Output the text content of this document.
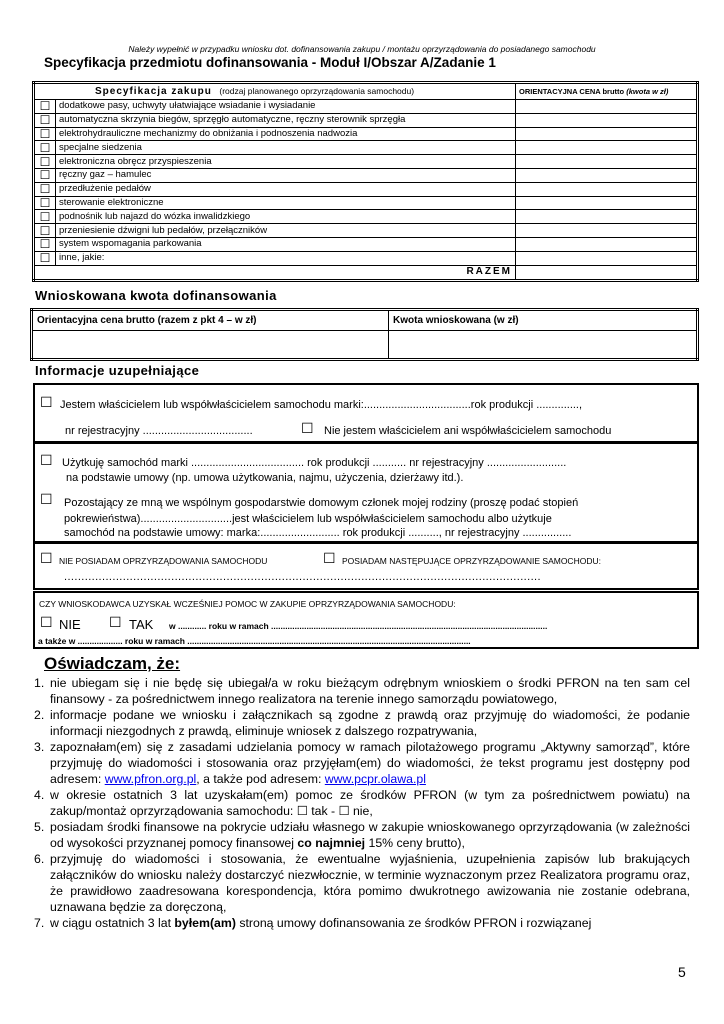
Należy wypełnić w przypadku wniosku dot. dofinansowania zakupu / montażu oprzyrządowania do posiadanego samochodu
Specyfikacja przedmiotu dofinansowania - Moduł I/Obszar A/Zadanie 1
Specyfikacja zakupu (rodzaj planowanego oprzyrządowania samochodu)		ORIENTACYJNA CENA brutto (kwota w zł)
☐	dodatkowe pasy, uchwyty ułatwiające wsiadanie i wysiadanie	
☐	automatyczna skrzynia biegów, sprzęgło automatyczne, ręczny sterownik sprzęgła	
☐	elektrohydrauliczne mechanizmy do obniżania i podnoszenia nadwozia	
☐	specjalne siedzenia	
☐	elektroniczna obręcz przyspieszenia	
☐	ręczny gaz – hamulec	
☐	przedłużenie pedałów	
☐	sterowanie elektroniczne	
☐	podnośnik lub najazd do wózka inwalidzkiego	
☐	przeniesienie dźwigni lub pedałów, przełączników	
☐	system wspomagania parkowania	
☐	inne, jakie:	
RAZEM		
Wnioskowana kwota dofinansowania
Orientacyjna cena brutto (razem z pkt 4 – w zł)	Kwota wnioskowana (w zł)

Informacje uzupełniające
☐ Jestem właścicielem lub współwłaścicielem samochodu marki:...................................rok produkcji ..............,
nr rejestracyjny ....................................	☐ Nie jestem właścicielem ani współwłaścicielem samochodu
☐ Użytkuję samochód marki ..................................... rok produkcji ........... nr rejestracyjny ..........................
na podstawie umowy (np. umowa użytkowania, najmu, użyczenia, dzierżawy itd.).
☐ Pozostający ze mną we wspólnym gospodarstwie domowym członek mojej rodziny (proszę podać stopień
pokrewieństwa)..............................jest właścicielem lub współwłaścicielem samochodu albo użytkuje
samochód na podstawie umowy: marka:.......................... rok produkcji .........., nr rejestracyjny ................
☐ NIE POSIADAM OPRZYRZĄDOWANIA SAMOCHODU	☐ POSIADAM NASTĘPUJĄCE OPRZYRZĄDOWANIE SAMOCHODU:
..........................................................................................................................................
CZY WNIOSKODAWCA UZYSKAŁ WCZEŚNIEJ POMOC W ZAKUPIE OPRZYRZĄDOWANIA SAMOCHODU:
☐ NIE ☐ TAK w ............ roku w ramach .....................................................................................................................
a także w ................... roku w ramach ........................................................................................................................
Oświadczam, że:
1. nie ubiegam się i nie będę się ubiegał/a w roku bieżącym odrębnym wnioskiem o środki PFRON na ten sam cel finansowy - za pośrednictwem innego realizatora na terenie innego samorządu powiatowego,
2. informacje podane we wniosku i załącznikach są zgodne z prawdą oraz przyjmuję do wiadomości, że podanie informacji niezgodnych z prawdą, eliminuje wniosek z dalszego rozpatrywania,
3. zapoznałam(em) się z zasadami udzielania pomocy w ramach pilotażowego programu „Aktywny samorząd”, które przyjmuję do wiadomości i stosowania oraz przyjęłam(em) do wiadomości, że tekst programu jest dostępny pod adresem: www.pfron.org.pl, a także pod adresem: www.pcpr.olawa.pl
4. w okresie ostatnich 3 lat uzyskałam(em) pomoc ze środków PFRON (w tym za pośrednictwem powiatu) na zakup/montaż oprzyrządowania samochodu: ☐ tak - ☐ nie,
5. posiadam środki finansowe na pokrycie udziału własnego w zakupie wnioskowanego oprzyrządowania (w zależności od wysokości przyznanej pomocy finansowej co najmniej 15% ceny brutto),
6. przyjmuję do wiadomości i stosowania, że ewentualne wyjaśnienia, uzupełnienia zapisów lub brakujących załączników do wniosku należy dostarczyć niezwłocznie, w terminie wyznaczonym przez Realizatora programu oraz, że prawidłowo zaadresowana korespondencja, która pomimo dwukrotnego awizowania nie zostanie odebrana, uznawana będzie za doręczoną,
7. w ciągu ostatnich 3 lat byłem(am) stroną umowy dofinansowania ze środków PFRON i rozwiązanej
5
